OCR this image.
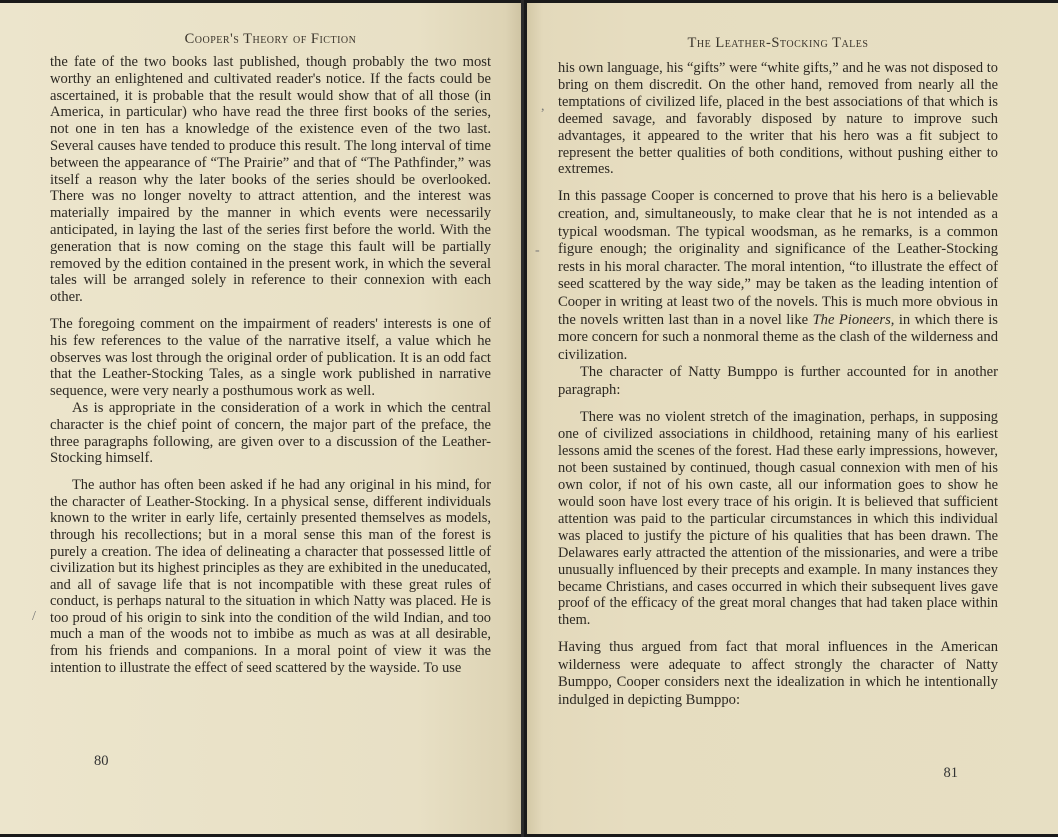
Cooper's Theory of Fiction

the fate of the two books last published, though probably the two most worthy an enlightened and cultivated reader's notice. If the facts could be ascertained, it is probable that the result would show that of all those (in America, in particular) who have read the three first books of the series, not one in ten has a knowledge of the existence even of the two last. Several causes have tended to produce this result. The long interval of time between the appearance of “The Prairie” and that of “The Pathfinder,” was itself a reason why the later books of the series should be overlooked. There was no longer novelty to attract attention, and the interest was materially impaired by the manner in which events were necessarily anticipated, in laying the last of the series first before the world. With the generation that is now coming on the stage this fault will be partially removed by the edition contained in the present work, in which the several tales will be arranged solely in reference to their connexion with each other.

The foregoing comment on the impairment of readers' interests is one of his few references to the value of the narrative itself, a value which he observes was lost through the original order of publication. It is an odd fact that the Leather-Stocking Tales, as a single work published in narrative sequence, were very nearly a posthumous work as well.

As is appropriate in the consideration of a work in which the central character is the chief point of concern, the major part of the preface, the three paragraphs following, are given over to a discussion of the Leather-Stocking himself.

The author has often been asked if he had any original in his mind, for the character of Leather-Stocking. In a physical sense, different individuals known to the writer in early life, certainly presented themselves as models, through his recollections; but in a moral sense this man of the forest is purely a creation. The idea of delineating a character that possessed little of civilization but its highest principles as they are exhibited in the uneducated, and all of savage life that is not incompatible with these great rules of conduct, is perhaps natural to the situation in which Natty was placed. He is too proud of his origin to sink into the condition of the wild Indian, and too much a man of the woods not to imbibe as much as was at all desirable, from his friends and companions. In a moral point of view it was the intention to illustrate the effect of seed scattered by the wayside. To use

/
80
The Leather-Stocking Tales

his own language, his “gifts” were “white gifts,” and he was not disposed to bring on them discredit. On the other hand, removed from nearly all the temptations of civilized life, placed in the best associations of that which is deemed savage, and favorably disposed by nature to improve such advantages, it appeared to the writer that his hero was a fit subject to represent the better qualities of both conditions, without pushing either to extremes.

In this passage Cooper is concerned to prove that his hero is a believable creation, and, simultaneously, to make clear that he is not intended as a typical woodsman. The typical woodsman, as he remarks, is a common figure enough; the originality and significance of the Leather-Stocking rests in his moral character. The moral intention, “to illustrate the effect of seed scattered by the way side,” may be taken as the leading intention of Cooper in writing at least two of the novels. This is much more obvious in the novels written last than in a novel like The Pioneers, in which there is more concern for such a nonmoral theme as the clash of the wilderness and civilization.

The character of Natty Bumppo is further accounted for in another paragraph:

There was no violent stretch of the imagination, perhaps, in supposing one of civilized associations in childhood, retaining many of his earliest lessons amid the scenes of the forest. Had these early impressions, however, not been sustained by continued, though casual connexion with men of his own color, if not of his own caste, all our information goes to show he would soon have lost every trace of his origin. It is believed that sufficient attention was paid to the particular circumstances in which this individual was placed to justify the picture of his qualities that has been drawn. The Delawares early attracted the attention of the missionaries, and were a tribe unusually influenced by their precepts and example. In many instances they became Christians, and cases occurred in which their subsequent lives gave proof of the efficacy of the great moral changes that had taken place within them.

Having thus argued from fact that moral influences in the American wilderness were adequate to affect strongly the character of Natty Bumppo, Cooper considers next the idealization in which he intentionally indulged in depicting Bumppo:

,
-
81
